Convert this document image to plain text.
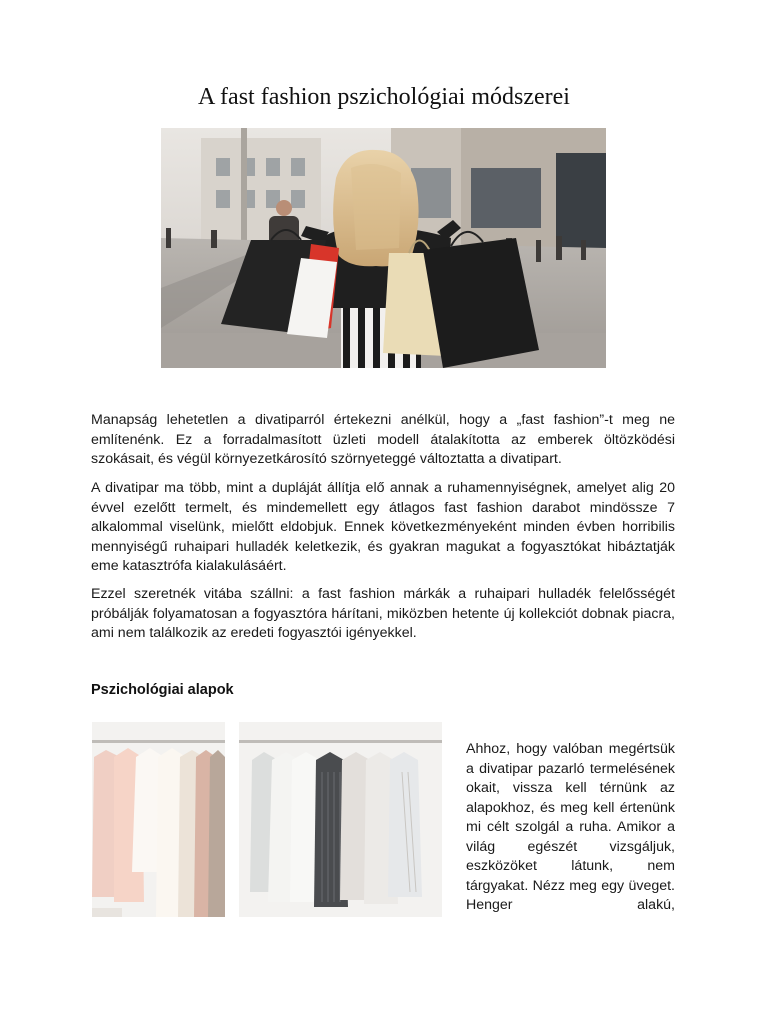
A fast fashion pszichológiai módszerei

Manapság lehetetlen a divatiparról értekezni anélkül, hogy a „fast fashion”-t meg ne említenénk. Ez a forradalmasított üzleti modell átalakította az emberek öltözködési szokásait, és végül környezetkárosító szörnyeteggé változtatta a divatipart.

A divatipar ma több, mint a dupláját állítja elő annak a ruhamennyiségnek, amelyet alig 20 évvel ezelőtt termelt, és mindemellett egy átlagos fast fashion darabot mindössze 7 alkalommal viselünk, mielőtt eldobjuk. Ennek következményeként minden évben horribilis mennyiségű ruhaipari hulladék keletkezik, és gyakran magukat a fogyasztókat hibáztatják eme katasztrófa kialakulásáért.

Ezzel szeretnék vitába szállni: a fast fashion márkák a ruhaipari hulladék felelősségét próbálják folyamatosan a fogyasztóra hárítani, miközben hetente új kollekciót dobnak piacra, ami nem találkozik az eredeti fogyasztói igényekkel.

Pszichológiai alapok

Ahhoz, hogy valóban megértsük a divatipar pazarló termelésének okait, vissza kell térnünk az alapokhoz, és meg kell értenünk mi célt szolgál a ruha. Amikor a világ egészét vizsgáljuk, eszközöket látunk, nem tárgyakat. Nézz meg egy üveget. Henger alakú,
